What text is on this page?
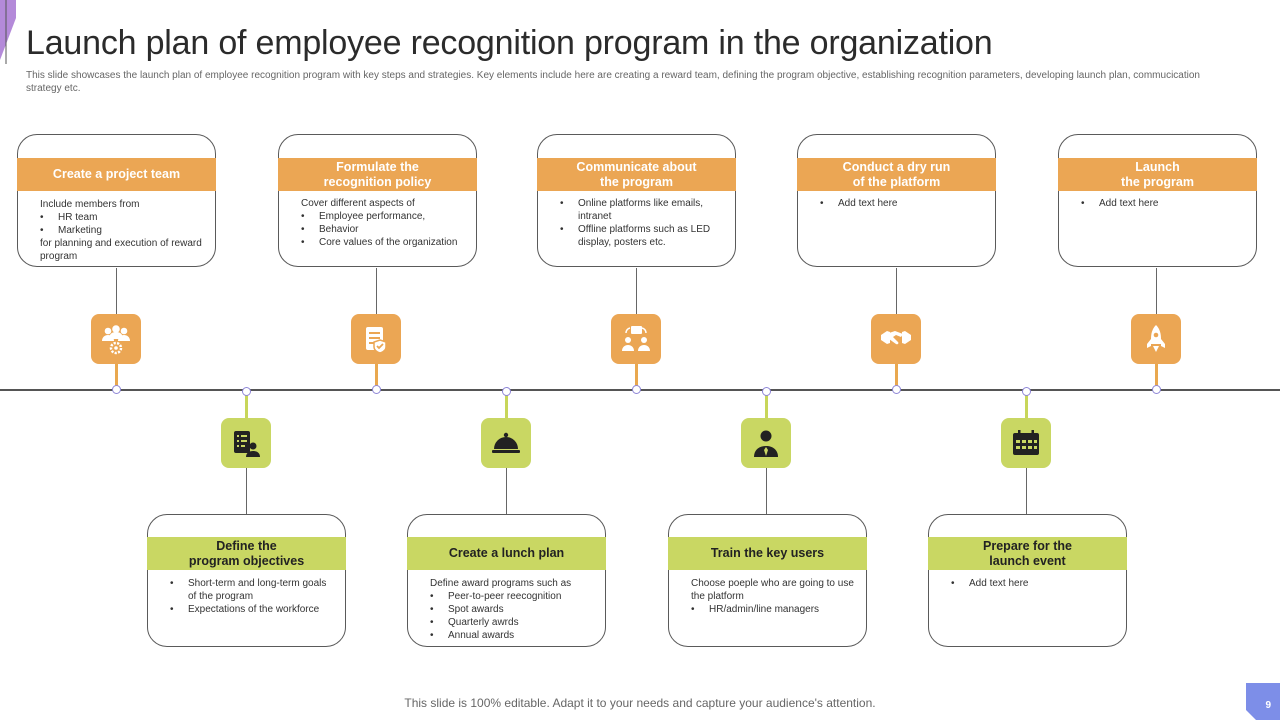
Launch plan of employee recognition program in the organization

This slide showcases the launch plan of employee recognition program with key steps and strategies. Key elements include here are creating a reward team, defining the program objective, establishing recognition parameters, developing launch plan, commucication strategy etc.

Create a project team
Include members from
• HR team
• Marketing
for planning and execution of reward program
Formulate the
recognition policy
Cover different aspects of
• Employee performance,
• Behavior
• Core values of the organization
Communicate about
the program
• Online platforms like emails, intranet
• Offline platforms such as LED display, posters etc.
Conduct a dry run
of the platform
• Add text here
Launch
the program
• Add text here
Define the
program objectives
• Short-term and long-term goals of the program
• Expectations of the workforce
Create a lunch plan
Define award programs such as
• Peer-to-peer reecognition
• Spot awards
• Quarterly awrds
• Annual awards
Train the key users
Choose poeple who are going to use the platform
• HR/admin/line managers
Prepare for the
launch event
• Add text here
This slide is 100% editable. Adapt it to your needs and capture your audience's attention.	9
